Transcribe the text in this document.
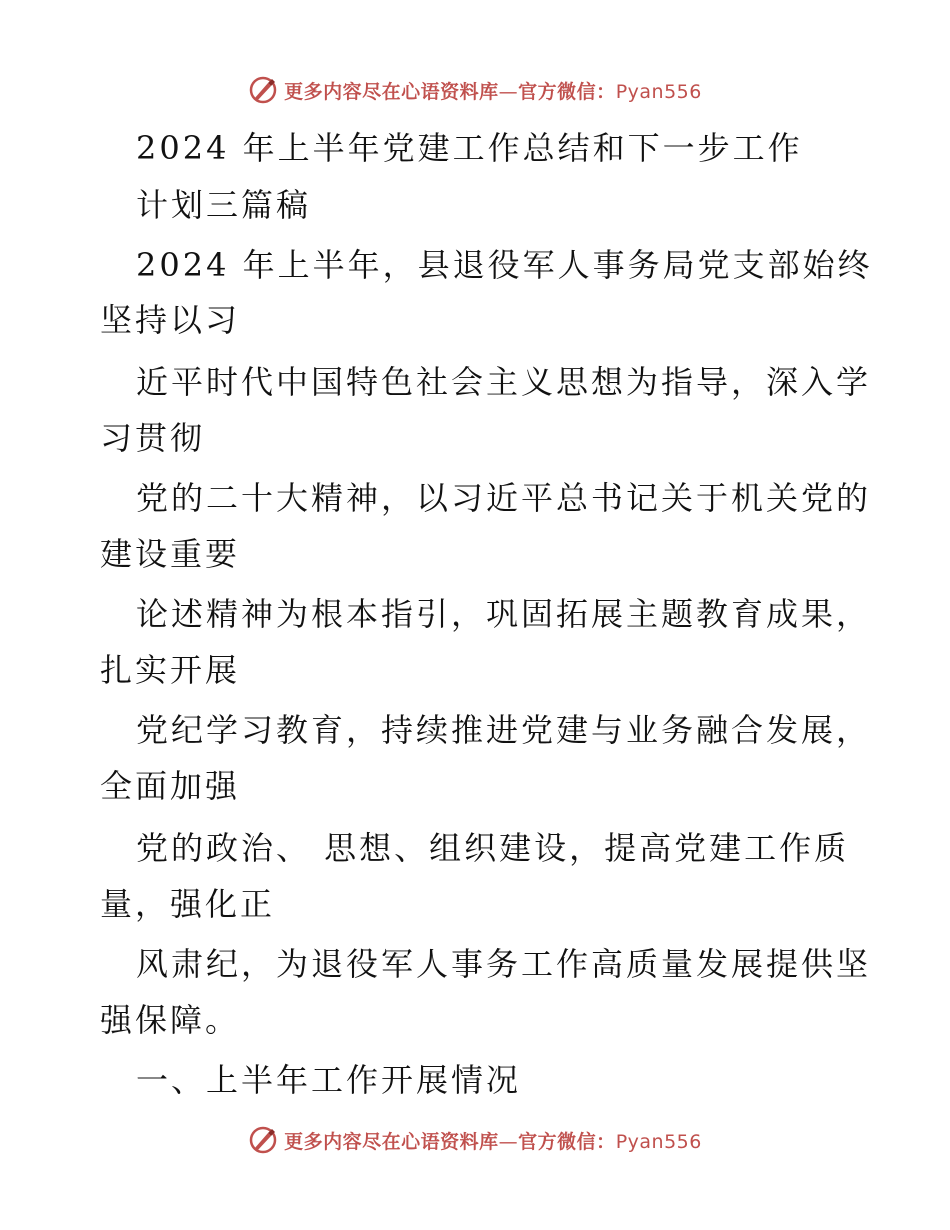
更多内容尽在心语资料库—官方微信：Pyan556
2024 年上半年党建工作总结和下一步工作
计划三篇稿
2024 年上半年，县退役军人事务局党支部始终
坚持以习
近平时代中国特色社会主义思想为指导，深入学
习贯彻
党的二十大精神，以习近平总书记关于机关党的
建设重要
论述精神为根本指引，巩固拓展主题教育成果，
扎实开展
党纪学习教育，持续推进党建与业务融合发展，
全面加强
党的政治、 思想、组织建设，提高党建工作质
量，强化正
风肃纪，为退役军人事务工作高质量发展提供坚
强保障。
一、上半年工作开展情况
更多内容尽在心语资料库—官方微信：Pyan556
